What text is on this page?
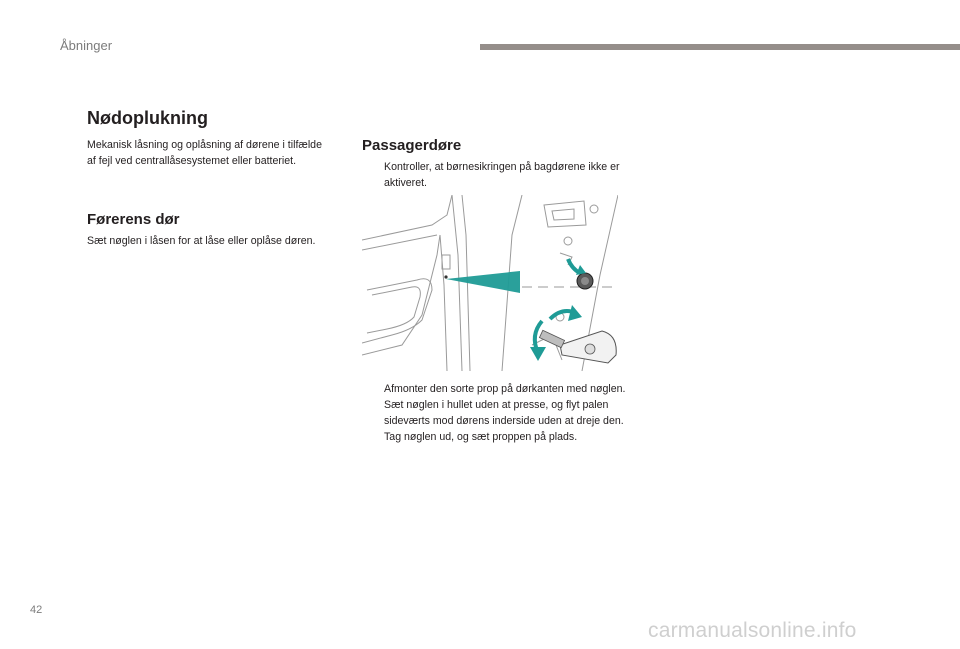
Åbninger
Nødoplukning
Mekanisk låsning og oplåsning af dørene i tilfælde af fejl ved centrallåsesystemet eller batteriet.
Førerens dør
Sæt nøglen i låsen for at låse eller oplåse døren.
Passagerdøre
Kontroller, at børnesikringen på bagdørene ikke er aktiveret.
Afmonter den sorte prop på dørkanten med nøglen.
Sæt nøglen i hullet uden at presse, og flyt palen sideværts mod dørens inderside uden at dreje den.
Tag nøglen ud, og sæt proppen på plads.
42
carmanualsonline.info
